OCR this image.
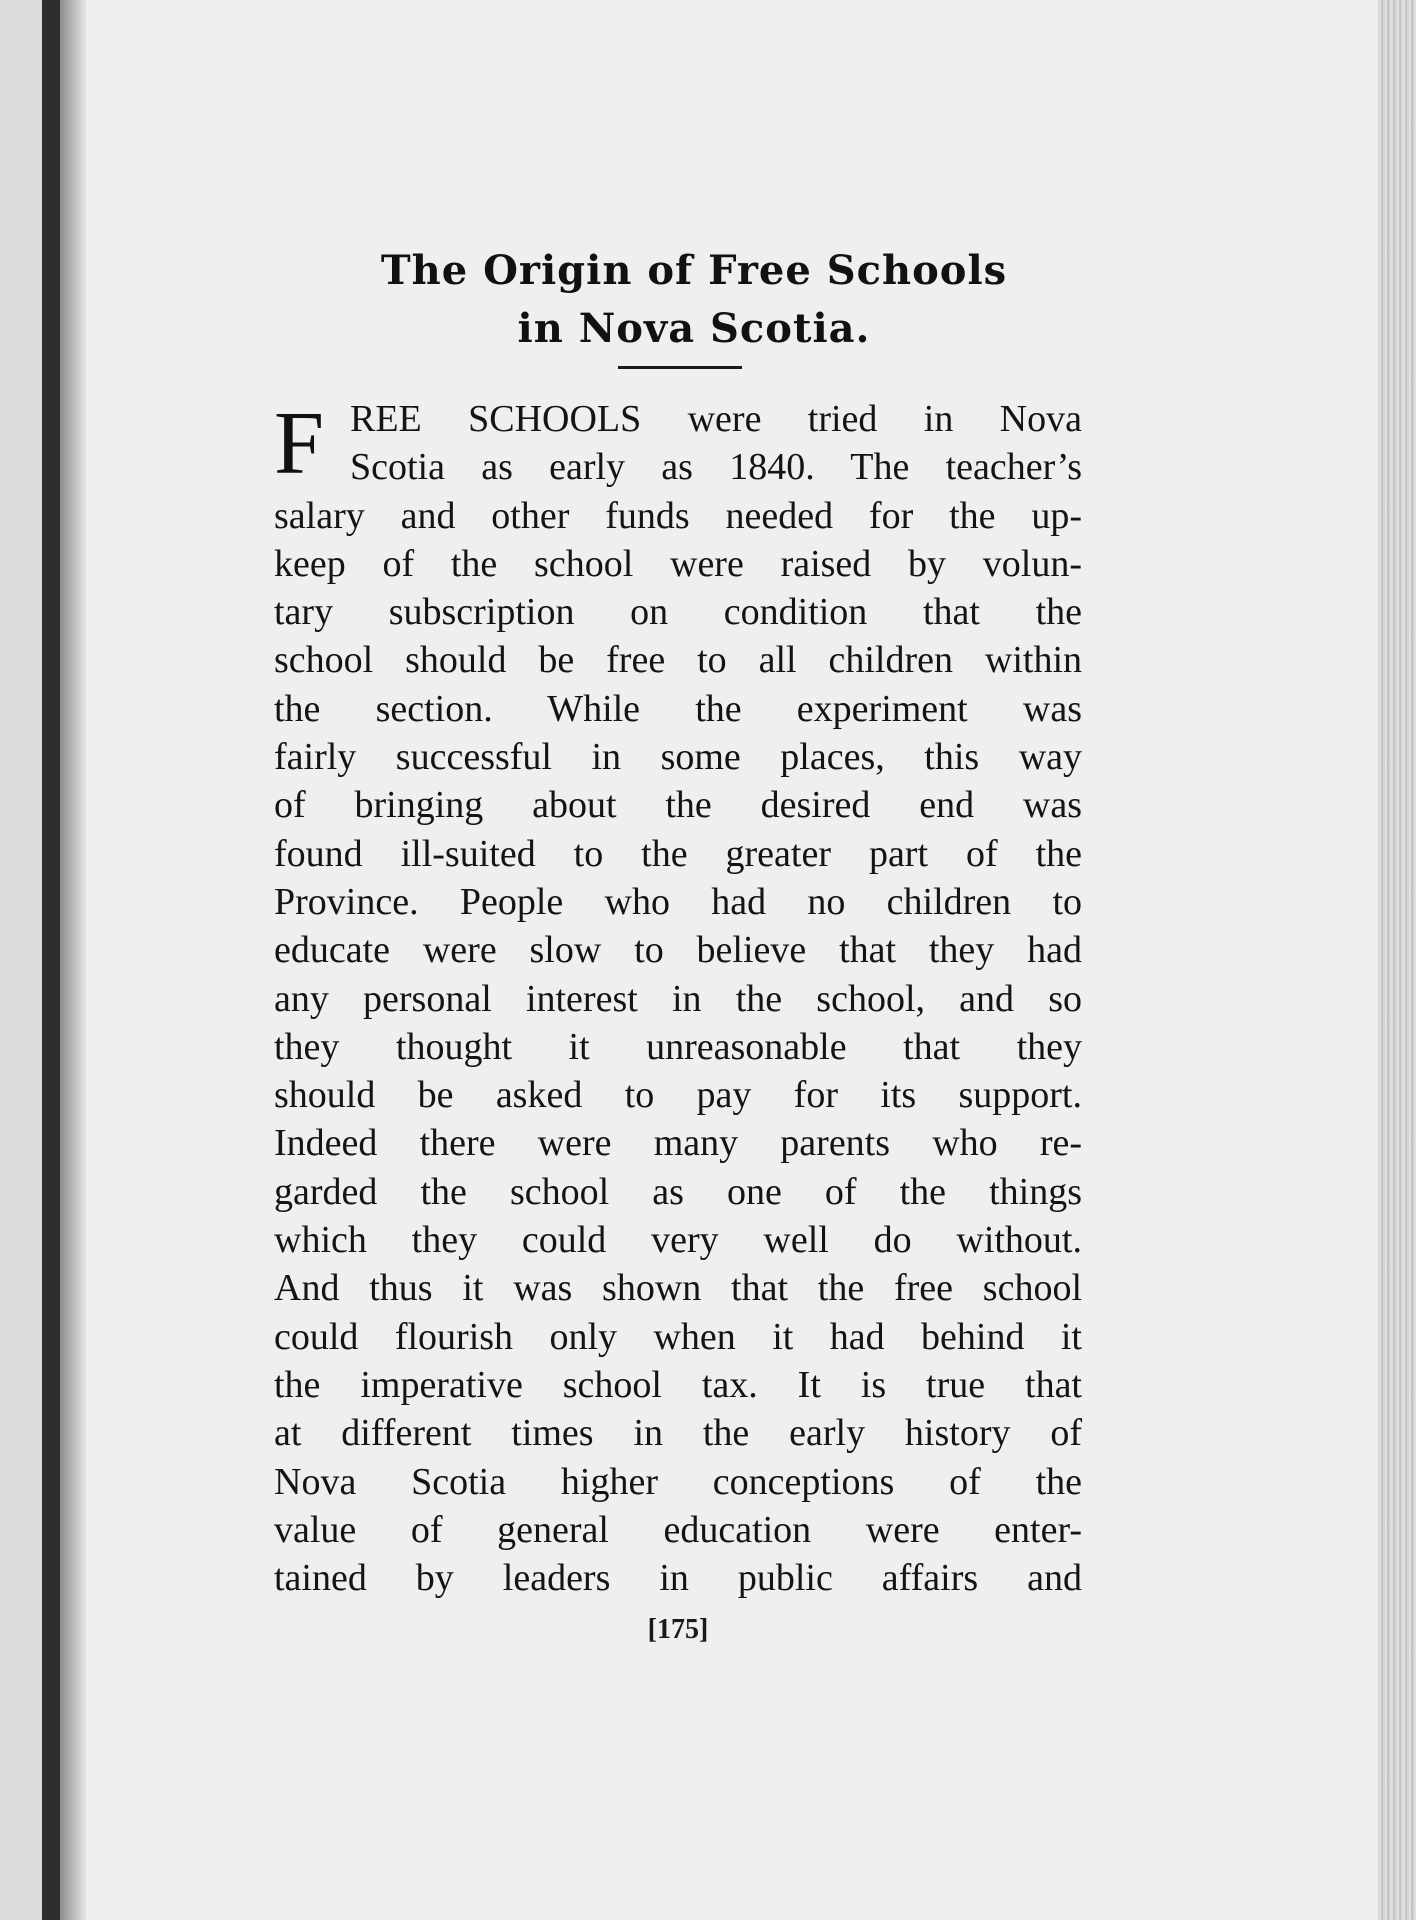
The Origin of Free Schools
in Nova Scotia.
F REE SCHOOLS were tried in Nova
Scotia as early as 1840. The teacher’s
salary and other funds needed for the up-
keep of the school were raised by volun-
tary subscription on condition that the
school should be free to all children within
the section. While the experiment was
fairly successful in some places, this way
of bringing about the desired end was
found ill-suited to the greater part of the
Province. People who had no children to
educate were slow to believe that they had
any personal interest in the school, and so
they thought it unreasonable that they
should be asked to pay for its support.
Indeed there were many parents who re-
garded the school as one of the things
which they could very well do without.
And thus it was shown that the free school
could flourish only when it had behind it
the imperative school tax. It is true that
at different times in the early history of
Nova Scotia higher conceptions of the
value of general education were enter-
tained by leaders in public affairs and
[175]
